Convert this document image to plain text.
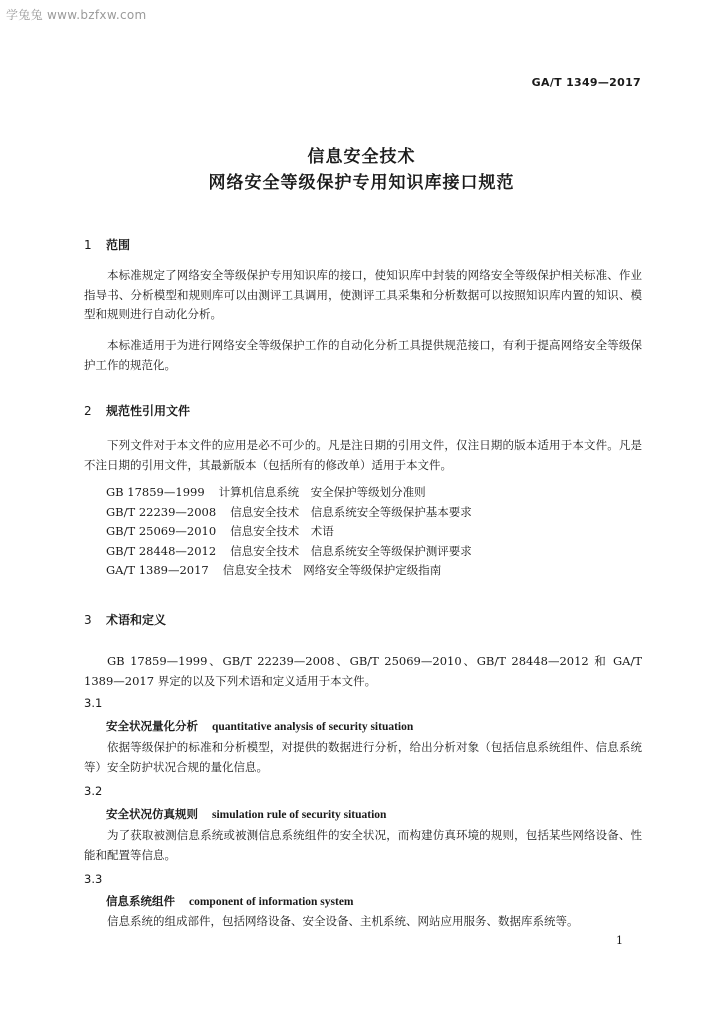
学兔兔 www.bzfxw.com
GA/T 1349—2017
信息安全技术
网络安全等级保护专用知识库接口规范
1 范围

本标准规定了网络安全等级保护专用知识库的接口，使知识库中封装的网络安全等级保护相关标准、作业指导书、分析模型和规则库可以由测评工具调用，使测评工具采集和分析数据可以按照知识库内置的知识、模型和规则进行自动化分析。

本标准适用于为进行网络安全等级保护工作的自动化分析工具提供规范接口，有利于提高网络安全等级保护工作的规范化。

2 规范性引用文件

下列文件对于本文件的应用是必不可少的。凡是注日期的引用文件，仅注日期的版本适用于本文件。凡是不注日期的引用文件，其最新版本（包括所有的修改单）适用于本文件。

GB 17859—1999 计算机信息系统　安全保护等级划分准则
GB/T 22239—2008 信息安全技术　信息系统安全等级保护基本要求
GB/T 25069—2010 信息安全技术　术语
GB/T 28448—2012 信息安全技术　信息系统安全等级保护测评要求
GA/T 1389—2017 信息安全技术　网络安全等级保护定级指南
3 术语和定义

GB 17859—1999、GB/T 22239—2008、GB/T 25069—2010、GB/T 28448—2012 和 GA/T 1389—2017 界定的以及下列术语和定义适用于本文件。

3.1
安全状况量化分析 quantitative analysis of security situation

依据等级保护的标准和分析模型，对提供的数据进行分析，给出分析对象（包括信息系统组件、信息系统等）安全防护状况合规的量化信息。

3.2
安全状况仿真规则 simulation rule of security situation

为了获取被测信息系统或被测信息系统组件的安全状况，而构建仿真环境的规则，包括某些网络设备、性能和配置等信息。

3.3
信息系统组件 component of information system

信息系统的组成部件，包括网络设备、安全设备、主机系统、网站应用服务、数据库系统等。

1
